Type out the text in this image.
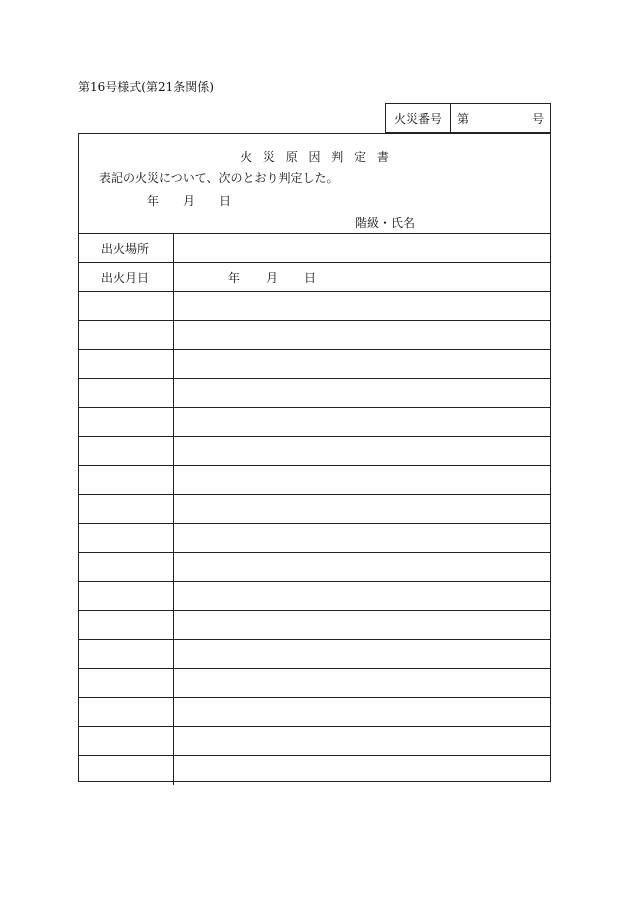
第16号様式(第21条関係)
火災番号	第	号
火災原因判定書
表記の火災について、次のとおり判定した。
年 月 日
階級・氏名
出火場所
出火月日	年 月 日
